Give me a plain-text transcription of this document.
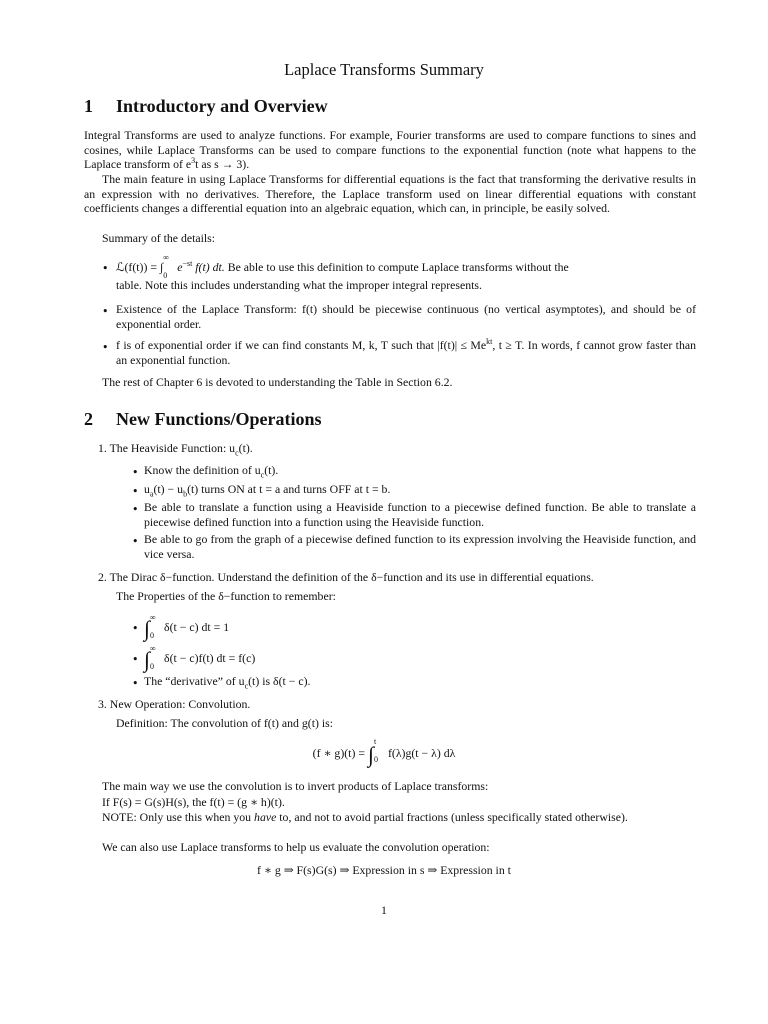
Laplace Transforms Summary
1 Introductory and Overview
Integral Transforms are used to analyze functions. For example, Fourier transforms are used to compare functions to sines and cosines, while Laplace Transforms can be used to compare functions to the exponential function (note what happens to the Laplace transform of $e^3t$ as s → 3).
The main feature in using Laplace Transforms for differential equations is the fact that transforming the derivative results in an expression with no derivatives. Therefore, the Laplace transform used on linear differential equations with constant coefficients changes a differential equation into an algebraic equation, which can, in principle, be easily solved.
Summary of the details:
• ℒ(f(t)) = ∫
∞
0
$e^{-st}$ f(t) dt. Be able to use this definition to compute Laplace transforms without the
table. Note this includes understanding what the improper integral represents.
• Existence of the Laplace Transform: f(t) should be piecewise continuous (no vertical asymptotes), and should be of exponential order.
• f is of exponential order if we can find constants M, k, T such that $|f(t)| \le Me^{kt}$, t ≥ T. In words, f cannot grow faster than an exponential function.
The rest of Chapter 6 is devoted to understanding the Table in Section 6.2.
2 New Functions/Operations
1. The Heaviside Function: $u_c(t)$.
• Know the definition of $u_c(t)$.
• $u_a(t) - u_b(t)$ turns ON at t = a and turns OFF at t = b.
• Be able to translate a function using a Heaviside function to a piecewise defined function. Be able to translate a piecewise defined function into a function using the Heaviside function.
• Be able to go from the graph of a piecewise defined function to its expression involving the Heaviside function, and vice versa.
2. The Dirac δ−function. Understand the definition of the δ−function and its use in differential equations.
The Properties of the δ−function to remember:
• ∫ ∞
0
δ(t − c) dt = 1
• ∫ ∞
0
δ(t − c)f(t) dt = f(c)
• The “derivative” of $u_c(t)$ is δ(t − c).
3. New Operation: Convolution.
Definition: The convolution of f(t) and g(t) is:
(f ∗ g)(t) = ∫
t
0 f(λ)g(t − λ) dλ
The main way we use the convolution is to invert products of Laplace transforms:
If F(s) = G(s)H(s), the f(t) = (g ∗ h)(t).
NOTE: Only use this when you have to, and not to avoid partial fractions (unless specifically stated otherwise).
We can also use Laplace transforms to help us evaluate the convolution operation:
f ∗ g ⇒ F(s)G(s) ⇒ Expression in s ⇒ Expression in t
1
